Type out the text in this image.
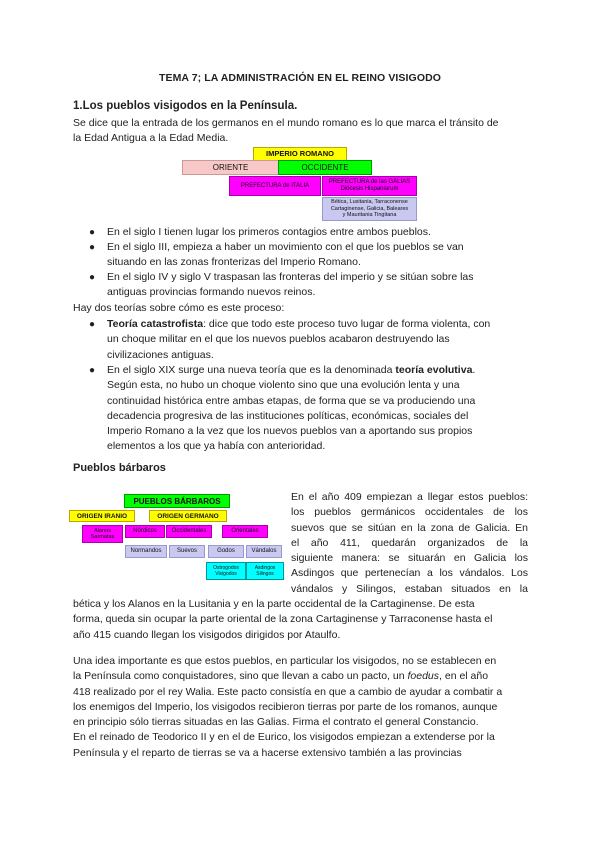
TEMA 7; LA ADMINISTRACIÓN EN EL REINO VISIGODO
1.Los pueblos visigodos en la Península.
Se dice que la entrada de los germanos en el mundo romano es lo que marca el tránsito de
la Edad Antigua a la Edad Media.
IMPERIO ROMANO
ORIENTE	OCCIDENTE
PREFECTURA de ITALIA
PREFECTURA de las GALIAS
Diócesis Hispaniarum
Bética, Lusitania, Tarraconense
Cartaginense, Galicia, Baleares
y Mauritania Tingitana
● En el siglo I tienen lugar los primeros contagios entre ambos pueblos.
● En el siglo III, empieza a haber un movimiento con el que los pueblos se van
situando en las zonas fronterizas del Imperio Romano.
● En el siglo IV y siglo V traspasan las fronteras del imperio y se sitúan sobre las
antiguas provincias formando nuevos reinos.
Hay dos teorías sobre cómo es este proceso:
● Teoría catastrofista: dice que todo este proceso tuvo lugar de forma violenta, con
un choque militar en el que los nuevos pueblos acabaron destruyendo las
civilizaciones antiguas.
● En el siglo XIX surge una nueva teoría que es la denominada teoría evolutiva.
Según esta, no hubo un choque violento sino que una evolución lenta y una
continuidad histórica entre ambas etapas, de forma que se va produciendo una
decadencia progresiva de las instituciones políticas, económicas, sociales del
Imperio Romano a la vez que los nuevos pueblos van a aportando sus propios
elementos a los que ya había con anterioridad.
Pueblos bárbaros
PUEBLOS BÁRBAROS
ORIGEN IRANIO	ORIGEN GERMANO
Alanos
Sarmatas
Nórdicos	Occidentales	Orientales
Normandos	Suevos	Godos	Vándalos
Ostrogodos
Visigodos
Asdingos
Silingos
En el año 409 empiezan a llegar estos pueblos:
los pueblos germánicos occidentales de los
suevos que se sitúan en la zona de Galicia. En
el año 411, quedarán organizados de la
siguiente manera: se situarán en Galicia los
Asdingos que pertenecían a los vándalos. Los
vándalos y Silingos, estaban situados en la
bética y los Alanos en la Lusitania y en la parte occidental de la Cartaginense. De esta
forma, queda sin ocupar la parte oriental de la zona Cartaginense y Tarraconense hasta el
año 415 cuando llegan los visigodos dirigidos por Ataulfo.
Una idea importante es que estos pueblos, en particular los visigodos, no se establecen en
la Península como conquistadores, sino que llevan a cabo un pacto, un foedus, en el año
418 realizado por el rey Walia. Este pacto consistía en que a cambio de ayudar a combatir a
los enemigos del Imperio, los visigodos recibieron tierras por parte de los romanos, aunque
en principio sólo tierras situadas en las Galias. Firma el contrato el general Constancio.
En el reinado de Teodorico II y en el de Eurico, los visigodos empiezan a extenderse por la
Península y el reparto de tierras se va a hacerse extensivo también a las provincias
